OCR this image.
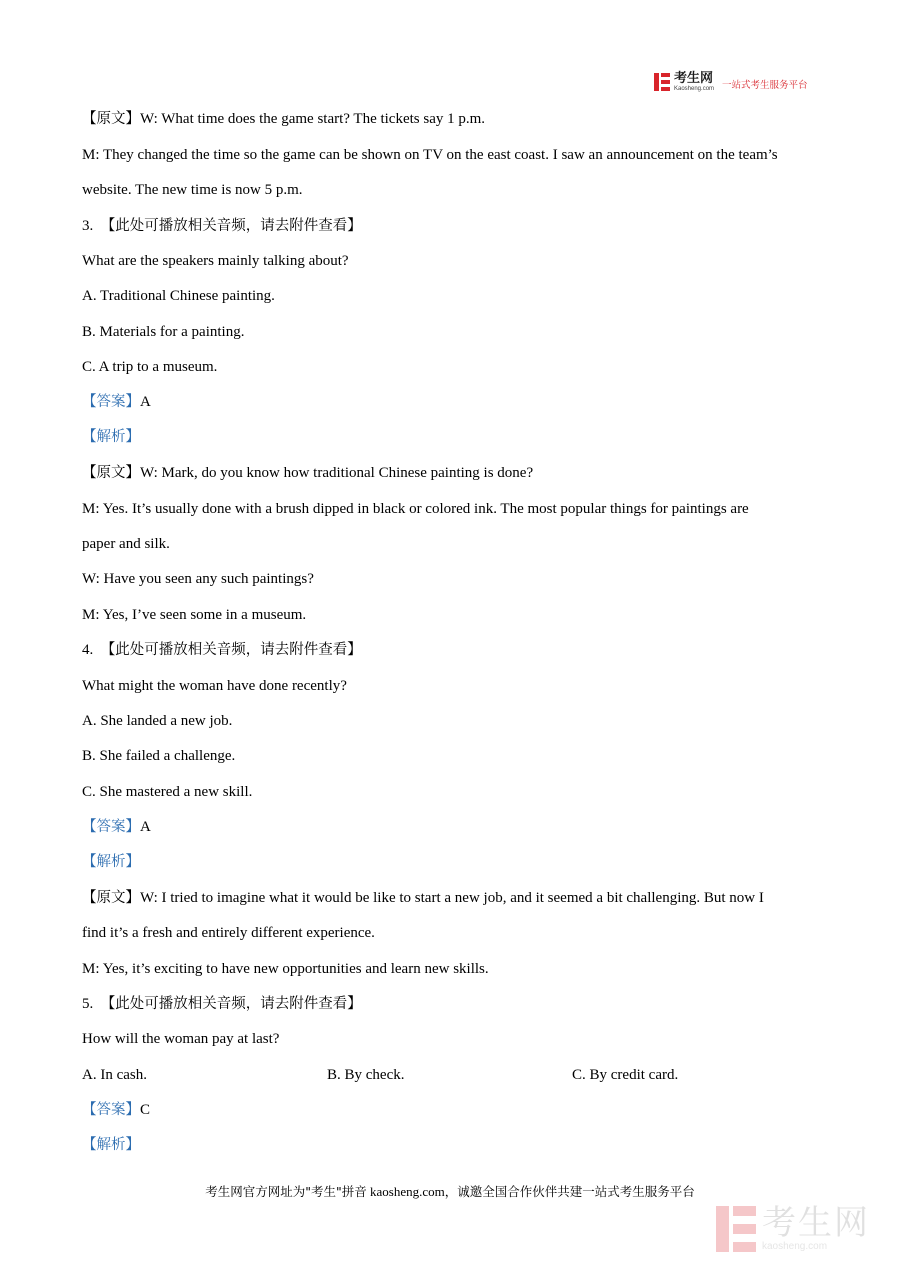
考生网
Kaosheng.com 一站式考生服务平台
【原文】W: What time does the game start? The tickets say 1 p.m.
M: They changed the time so the game can be shown on TV on the east coast. I saw an announcement on the team’s
website. The new time is now 5 p.m.
3. 【此处可播放相关音频，请去附件查看】
What are the speakers mainly talking about?
A. Traditional Chinese painting.
B. Materials for a painting.
C. A trip to a museum.
【答案】A
【解析】
【原文】W: Mark, do you know how traditional Chinese painting is done?
M: Yes. It’s usually done with a brush dipped in black or colored ink. The most popular things for paintings are
paper and silk.
W: Have you seen any such paintings?
M: Yes, I’ve seen some in a museum.
4. 【此处可播放相关音频，请去附件查看】
What might the woman have done recently?
A. She landed a new job.
B. She failed a challenge.
C. She mastered a new skill.
【答案】A
【解析】
【原文】W: I tried to imagine what it would be like to start a new job, and it seemed a bit challenging. But now I
find it’s a fresh and entirely different experience.
M: Yes, it’s exciting to have new opportunities and learn new skills.
5. 【此处可播放相关音频，请去附件查看】
How will the woman pay at last?
A. In cash.	B. By check.	C. By credit card.
【答案】C
【解析】
考生网官方网址为"考生"拼音 kaosheng.com，诚邀全国合作伙伴共建一站式考生服务平台
考生网
kaosheng.com
